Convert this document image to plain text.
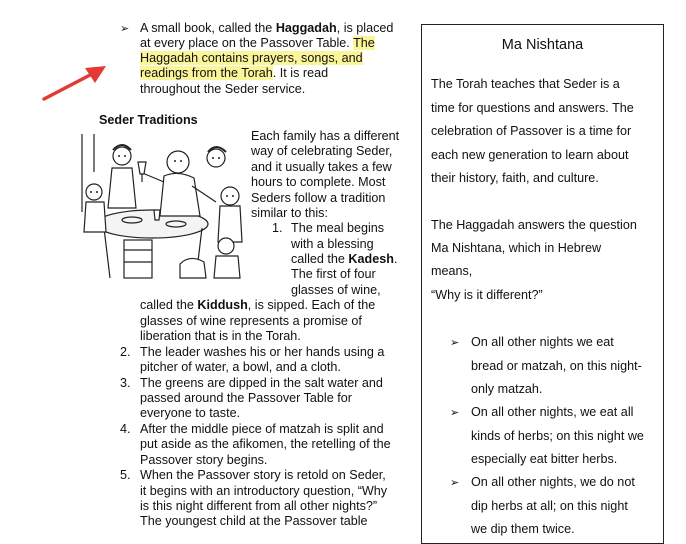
➢ A small book, called the Haggadah, is placed
at every place on the Passover Table. The
Haggadah contains prayers, songs, and
readings from the Torah. It is read
throughout the Seder service.
Seder Traditions
Each family has a different
way of celebrating Seder,
and it usually takes a few
hours to complete. Most
Seders follow a tradition
similar to this:
1. The meal begins
with a blessing
called the Kadesh.
The first of four
glasses of wine,
called the Kiddush, is sipped. Each of the
glasses of wine represents a promise of
liberation that is in the Torah.
2. The leader washes his or her hands using a
pitcher of water, a bowl, and a cloth.
3. The greens are dipped in the salt water and
passed around the Passover Table for
everyone to taste.
4. After the middle piece of matzah is split and
put aside as the afikomen, the retelling of the
Passover story begins.
5. When the Passover story is retold on Seder,
it begins with an introductory question, “Why
is this night different from all other nights?”
The youngest child at the Passover table
Ma Nishtana
The Torah teaches that Seder is a
time for questions and answers. The
celebration of Passover is a time for
each new generation to learn about
their history, faith, and culture.
The Haggadah answers the question
Ma Nishtana, which in Hebrew
means,
“Why is it different?”
➢ On all other nights we eat
bread or matzah, on this night-
only matzah.
➢ On all other nights, we eat all
kinds of herbs; on this night we
especially eat bitter herbs.
➢ On all other nights, we do not
dip herbs at all; on this night
we dip them twice.
